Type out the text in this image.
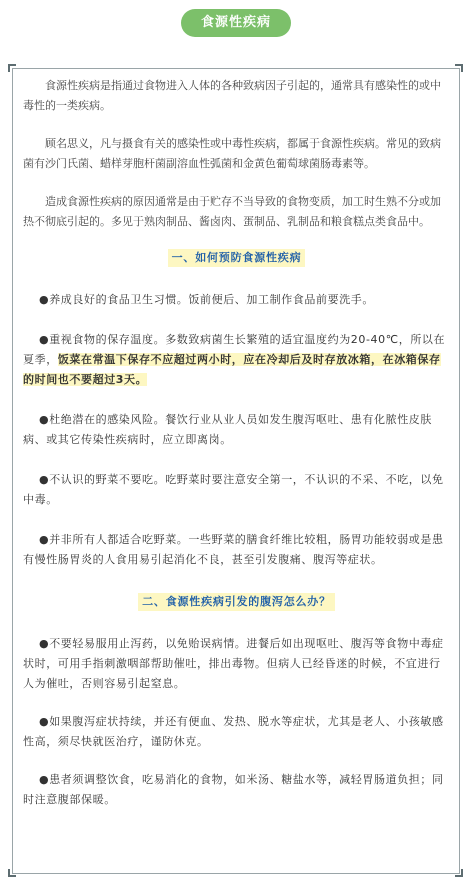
食源性疾病

食源性疾病是指通过食物进入人体的各种致病因子引起的，通常具有感染性的或中毒性的一类疾病。

顾名思义，凡与摄食有关的感染性或中毒性疾病，都属于食源性疾病。常见的致病菌有沙门氏菌、蜡样芽胞杆菌副溶血性弧菌和金黄色葡萄球菌肠毒素等。

造成食源性疾病的原因通常是由于贮存不当导致的食物变质，加工时生熟不分或加热不彻底引起的。多见于熟肉制品、酱卤肉、蛋制品、乳制品和粮食糕点类食品中。

一、如何预防食源性疾病

●养成良好的食品卫生习惯。饭前便后、加工制作食品前要洗手。

●重视食物的保存温度。多数致病菌生长繁殖的适宜温度约为20-40℃，所以在夏季，饭菜在常温下保存不应超过两小时，应在冷却后及时存放冰箱，在冰箱保存的时间也不要超过3天。

●杜绝潜在的感染风险。餐饮行业从业人员如发生腹泻呕吐、患有化脓性皮肤病、或其它传染性疾病时，应立即离岗。

●不认识的野菜不要吃。吃野菜时要注意安全第一，不认识的不采、不吃，以免中毒。

●并非所有人都适合吃野菜。一些野菜的膳食纤维比较粗，肠胃功能较弱或是患有慢性肠胃炎的人食用易引起消化不良，甚至引发腹痛、腹泻等症状。

二、食源性疾病引发的腹泻怎么办？

●不要轻易服用止泻药，以免贻误病情。进餐后如出现呕吐、腹泻等食物中毒症状时，可用手指刺激咽部帮助催吐，排出毒物。但病人已经昏迷的时候，不宜进行人为催吐，否则容易引起窒息。

●如果腹泻症状持续，并还有便血、发热、脱水等症状，尤其是老人、小孩敏感性高，须尽快就医治疗，谨防休克。

●患者须调整饮食，吃易消化的食物，如米汤、糖盐水等，减轻胃肠道负担；同时注意腹部保暖。
